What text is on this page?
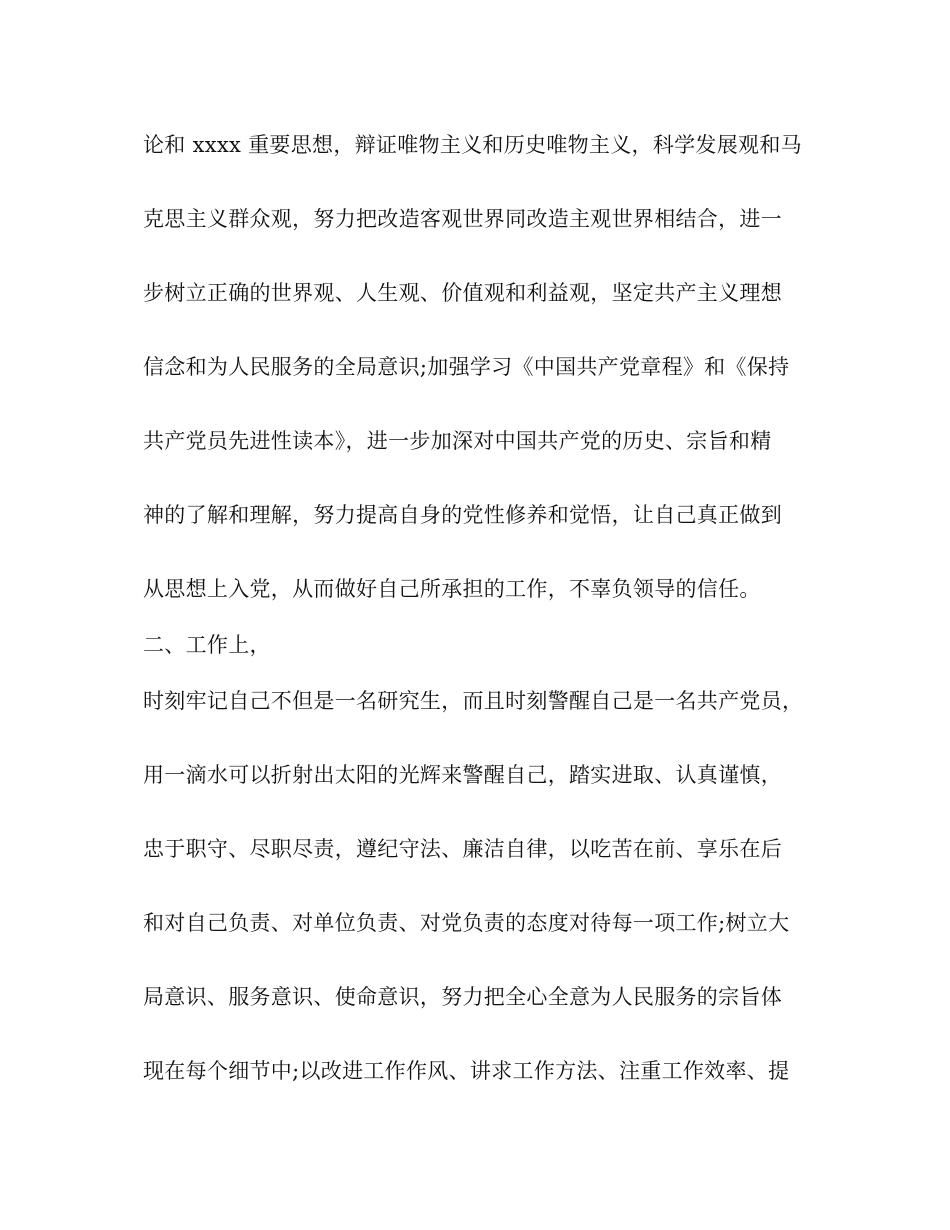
论和 xxxx 重要思想，辩证唯物主义和历史唯物主义，科学发展观和马

克思主义群众观，努力把改造客观世界同改造主观世界相结合，进一

步树立正确的世界观、人生观、价值观和利益观，坚定共产主义理想

信念和为人民服务的全局意识;加强学习《中国共产党章程》和《保持

共产党员先进性读本》，进一步加深对中国共产党的历史、宗旨和精

神的了解和理解，努力提高自身的党性修养和觉悟，让自己真正做到

从思想上入党，从而做好自己所承担的工作，不辜负领导的信任。

二、工作上，

时刻牢记自己不但是一名研究生，而且时刻警醒自己是一名共产党员，

用一滴水可以折射出太阳的光辉来警醒自己，踏实进取、认真谨慎，

忠于职守、尽职尽责，遵纪守法、廉洁自律，以吃苦在前、享乐在后

和对自己负责、对单位负责、对党负责的态度对待每一项工作;树立大

局意识、服务意识、使命意识，努力把全心全意为人民服务的宗旨体

现在每个细节中;以改进工作作风、讲求工作方法、注重工作效率、提
